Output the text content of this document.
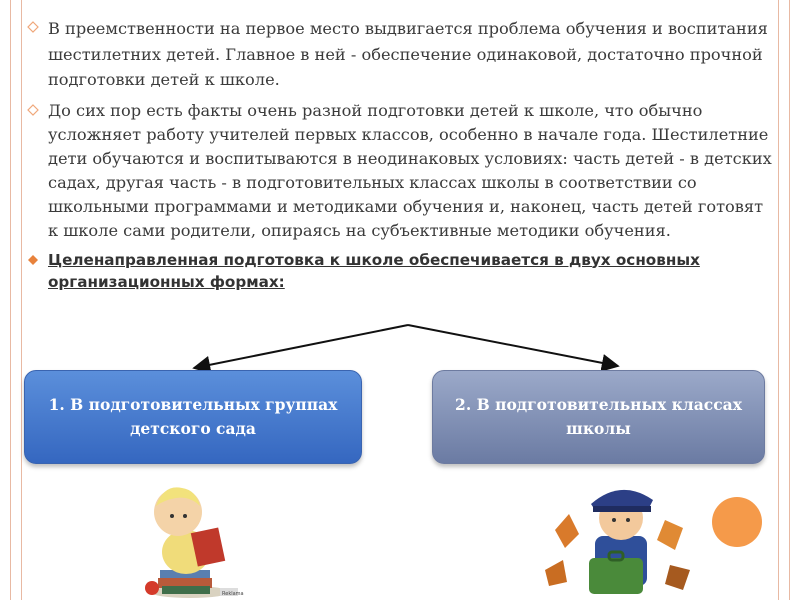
В преемственности на первое место выдвигается проблема обучения и воспитания шестилетних детей. Главное в ней - обеспечение одинаковой, достаточно прочной подготовки детей к школе.

До сих пор есть факты очень разной подготовки детей к школе, что обычно усложняет работу учителей первых классов, особенно в начале года. Шестилетние дети обучаются и воспитываются в неодинаковых условиях: часть детей - в детских садах, другая часть - в подготовительных классах школы в соответствии со школьными программами и методиками обучения и, наконец, часть детей готовят к школе сами родители, опираясь на субъективные методики обучения.

Целенаправленная подготовка к школе обеспечивается в двух основных организационных формах:

1. В подготовительных группах детского сада
2. В подготовительных классах школы
Reklama
